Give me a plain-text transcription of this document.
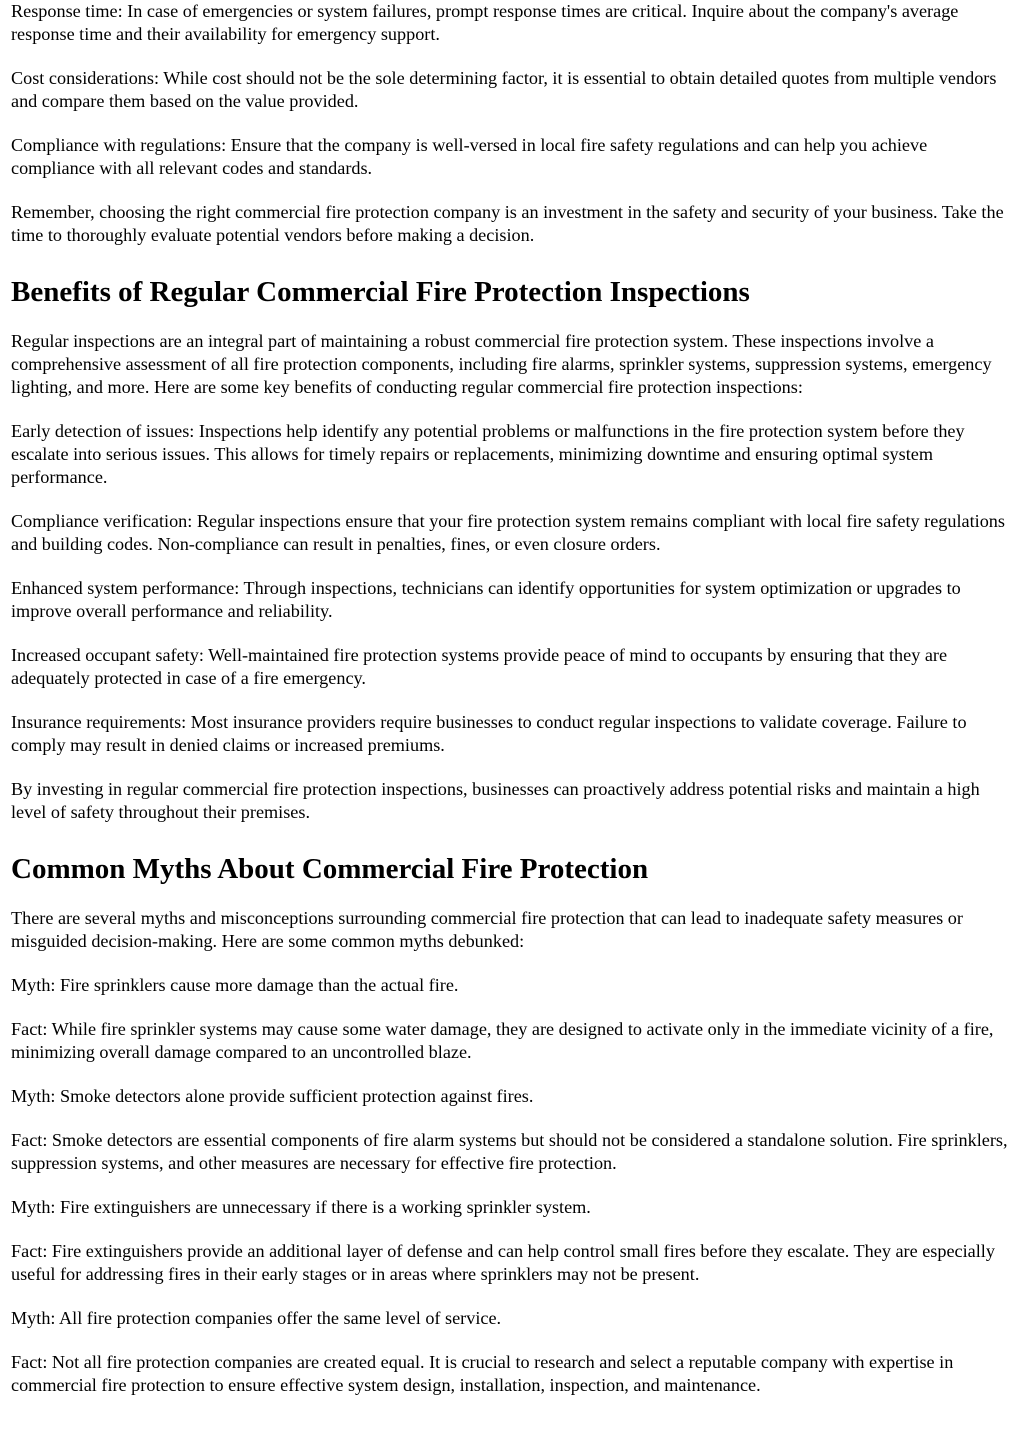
Response time: In case of emergencies or system failures, prompt response times are critical. Inquire about the company's average response time and their availability for emergency support.

Cost considerations: While cost should not be the sole determining factor, it is essential to obtain detailed quotes from multiple vendors and compare them based on the value provided.

Compliance with regulations: Ensure that the company is well-versed in local fire safety regulations and can help you achieve compliance with all relevant codes and standards.

Remember, choosing the right commercial fire protection company is an investment in the safety and security of your business. Take the time to thoroughly evaluate potential vendors before making a decision.

Benefits of Regular Commercial Fire Protection Inspections

Regular inspections are an integral part of maintaining a robust commercial fire protection system. These inspections involve a comprehensive assessment of all fire protection components, including fire alarms, sprinkler systems, suppression systems, emergency lighting, and more. Here are some key benefits of conducting regular commercial fire protection inspections:

Early detection of issues: Inspections help identify any potential problems or malfunctions in the fire protection system before they escalate into serious issues. This allows for timely repairs or replacements, minimizing downtime and ensuring optimal system performance.

Compliance verification: Regular inspections ensure that your fire protection system remains compliant with local fire safety regulations and building codes. Non-compliance can result in penalties, fines, or even closure orders.

Enhanced system performance: Through inspections, technicians can identify opportunities for system optimization or upgrades to improve overall performance and reliability.

Increased occupant safety: Well-maintained fire protection systems provide peace of mind to occupants by ensuring that they are adequately protected in case of a fire emergency.

Insurance requirements: Most insurance providers require businesses to conduct regular inspections to validate coverage. Failure to comply may result in denied claims or increased premiums.

By investing in regular commercial fire protection inspections, businesses can proactively address potential risks and maintain a high level of safety throughout their premises.

Common Myths About Commercial Fire Protection

There are several myths and misconceptions surrounding commercial fire protection that can lead to inadequate safety measures or misguided decision-making. Here are some common myths debunked:

Myth: Fire sprinklers cause more damage than the actual fire.

Fact: While fire sprinkler systems may cause some water damage, they are designed to activate only in the immediate vicinity of a fire, minimizing overall damage compared to an uncontrolled blaze.

Myth: Smoke detectors alone provide sufficient protection against fires.

Fact: Smoke detectors are essential components of fire alarm systems but should not be considered a standalone solution. Fire sprinklers, suppression systems, and other measures are necessary for effective fire protection.

Myth: Fire extinguishers are unnecessary if there is a working sprinkler system.

Fact: Fire extinguishers provide an additional layer of defense and can help control small fires before they escalate. They are especially useful for addressing fires in their early stages or in areas where sprinklers may not be present.

Myth: All fire protection companies offer the same level of service.

Fact: Not all fire protection companies are created equal. It is crucial to research and select a reputable company with expertise in commercial fire protection to ensure effective system design, installation, inspection, and maintenance.
